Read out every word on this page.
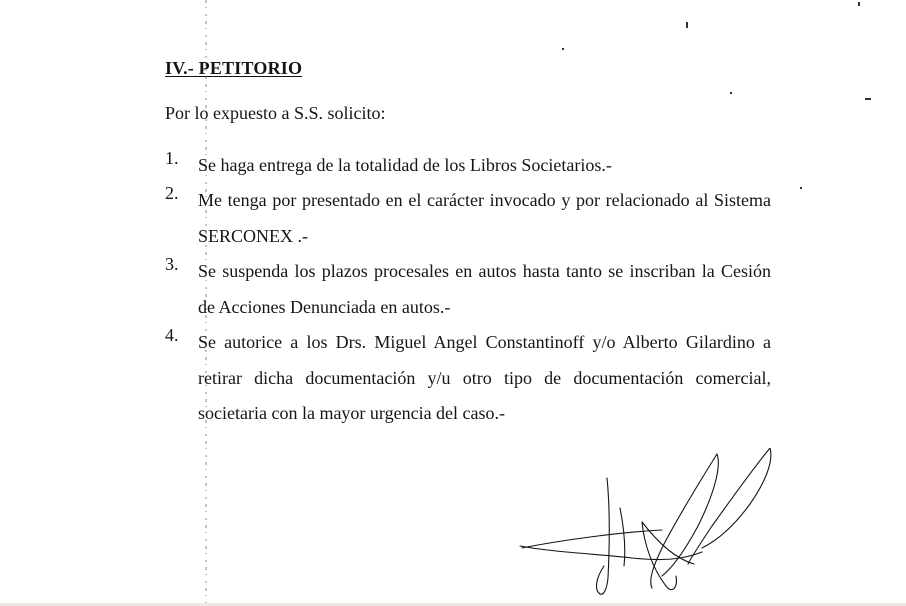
IV.- PETITORIO
Por lo expuesto a S.S. solicito:
1.	Se haga entrega de la totalidad de los Libros Societarios.-
2.	Me tenga por presentado en el carácter invocado y por relacionado al Sistema SERCONEX .-
3.	Se suspenda los plazos procesales en autos hasta tanto se inscriban la Cesión de Acciones Denunciada en autos.-
4.	Se autorice a los Drs. Miguel Angel Constantinoff y/o Alberto Gilardino a retirar dicha documentación y/u otro tipo de documentación comercial, societaria con la mayor urgencia del caso.-
